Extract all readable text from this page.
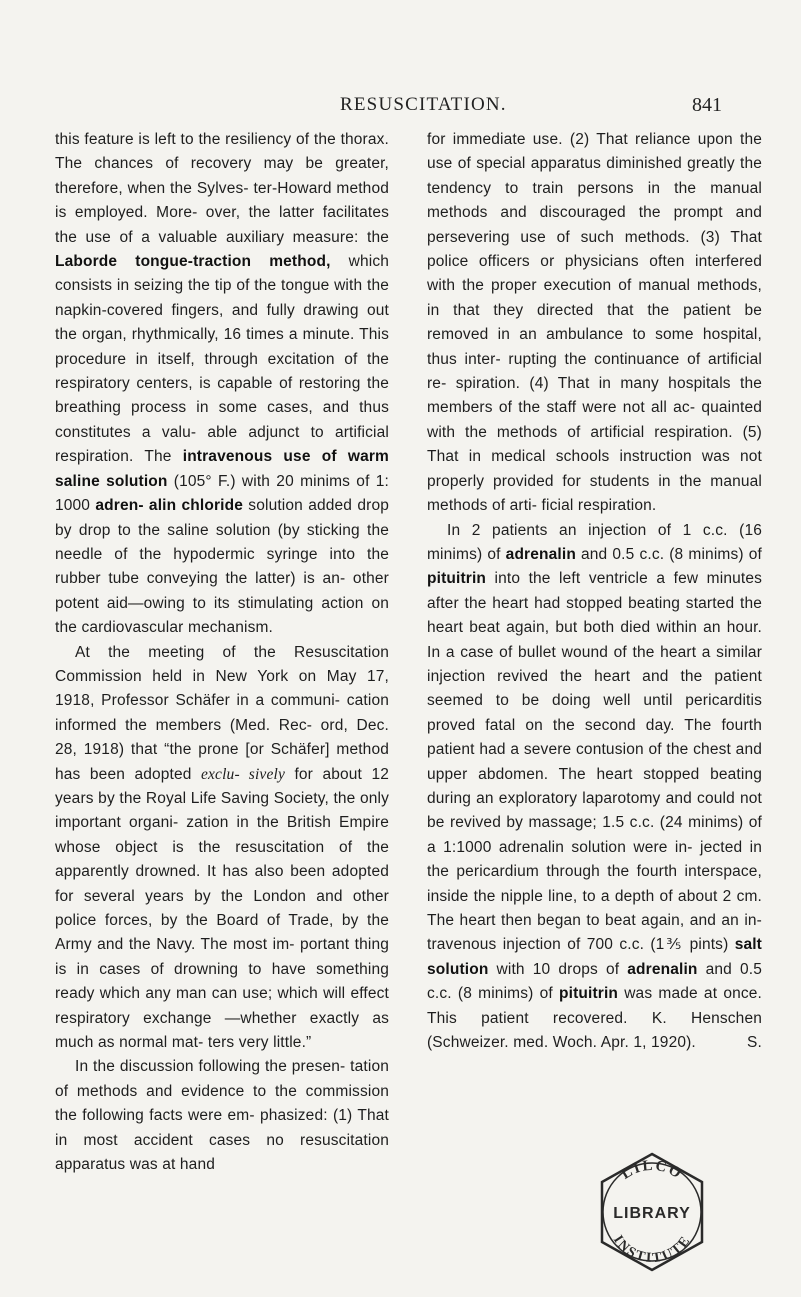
RESUSCITATION.	841

this feature is left to the resiliency of the thorax. The chances of recovery may be greater, therefore, when the Sylves- ter-Howard method is employed. More- over, the latter facilitates the use of a valuable auxiliary measure: the Laborde tongue-traction method, which consists in seizing the tip of the tongue with the napkin-covered fingers, and fully drawing out the organ, rhythmically, 16 times a minute. This procedure in itself, through excitation of the respiratory centers, is capable of restoring the breathing process in some cases, and thus constitutes a valu- able adjunct to artificial respiration. The intravenous use of warm saline solution (105° F.) with 20 minims of 1: 1000 adren- alin chloride solution added drop by drop to the saline solution (by sticking the needle of the hypodermic syringe into the rubber tube conveying the latter) is an- other potent aid—owing to its stimulating action on the cardiovascular mechanism.

At the meeting of the Resuscitation Commission held in New York on May 17, 1918, Professor Schäfer in a communi- cation informed the members (Med. Rec- ord, Dec. 28, 1918) that “the prone [or Schäfer] method has been adopted exclu- sively for about 12 years by the Royal Life Saving Society, the only important organi- zation in the British Empire whose object is the resuscitation of the apparently drowned. It has also been adopted for several years by the London and other police forces, by the Board of Trade, by the Army and the Navy. The most im- portant thing is in cases of drowning to have something ready which any man can use; which will effect respiratory exchange —whether exactly as much as normal mat- ters very little.”

In the discussion following the presen- tation of methods and evidence to the commission the following facts were em- phasized: (1) That in most accident cases no resuscitation apparatus was at hand

for immediate use. (2) That reliance upon the use of special apparatus diminished greatly the tendency to train persons in the manual methods and discouraged the prompt and persevering use of such methods. (3) That police officers or physicians often interfered with the proper execution of manual methods, in that they directed that the patient be removed in an ambulance to some hospital, thus inter- rupting the continuance of artificial re- spiration. (4) That in many hospitals the members of the staff were not all ac- quainted with the methods of artificial respiration. (5) That in medical schools instruction was not properly provided for students in the manual methods of arti- ficial respiration.

In 2 patients an injection of 1 c.c. (16 minims) of adrenalin and 0.5 c.c. (8 minims) of pituitrin into the left ventricle a few minutes after the heart had stopped beating started the heart beat again, but both died within an hour. In a case of bullet wound of the heart a similar injection revived the heart and the patient seemed to be doing well until pericarditis proved fatal on the second day. The fourth patient had a severe contusion of the chest and upper abdomen. The heart stopped beating during an exploratory laparotomy and could not be revived by massage; 1.5 c.c. (24 minims) of a 1:1000 adrenalin solution were in- jected in the pericardium through the fourth interspace, inside the nipple line, to a depth of about 2 cm. The heart then began to beat again, and an in- travenous injection of 700 c.c. (1⅗ pints) salt solution with 10 drops of adrenalin and 0.5 c.c. (8 minims) of pituitrin was made at once. This patient recovered. K. Henschen (Schweizer. med. Woch. Apr. 1, 1920).	S.

LILCO
LIBRARY
INSTITUTE
